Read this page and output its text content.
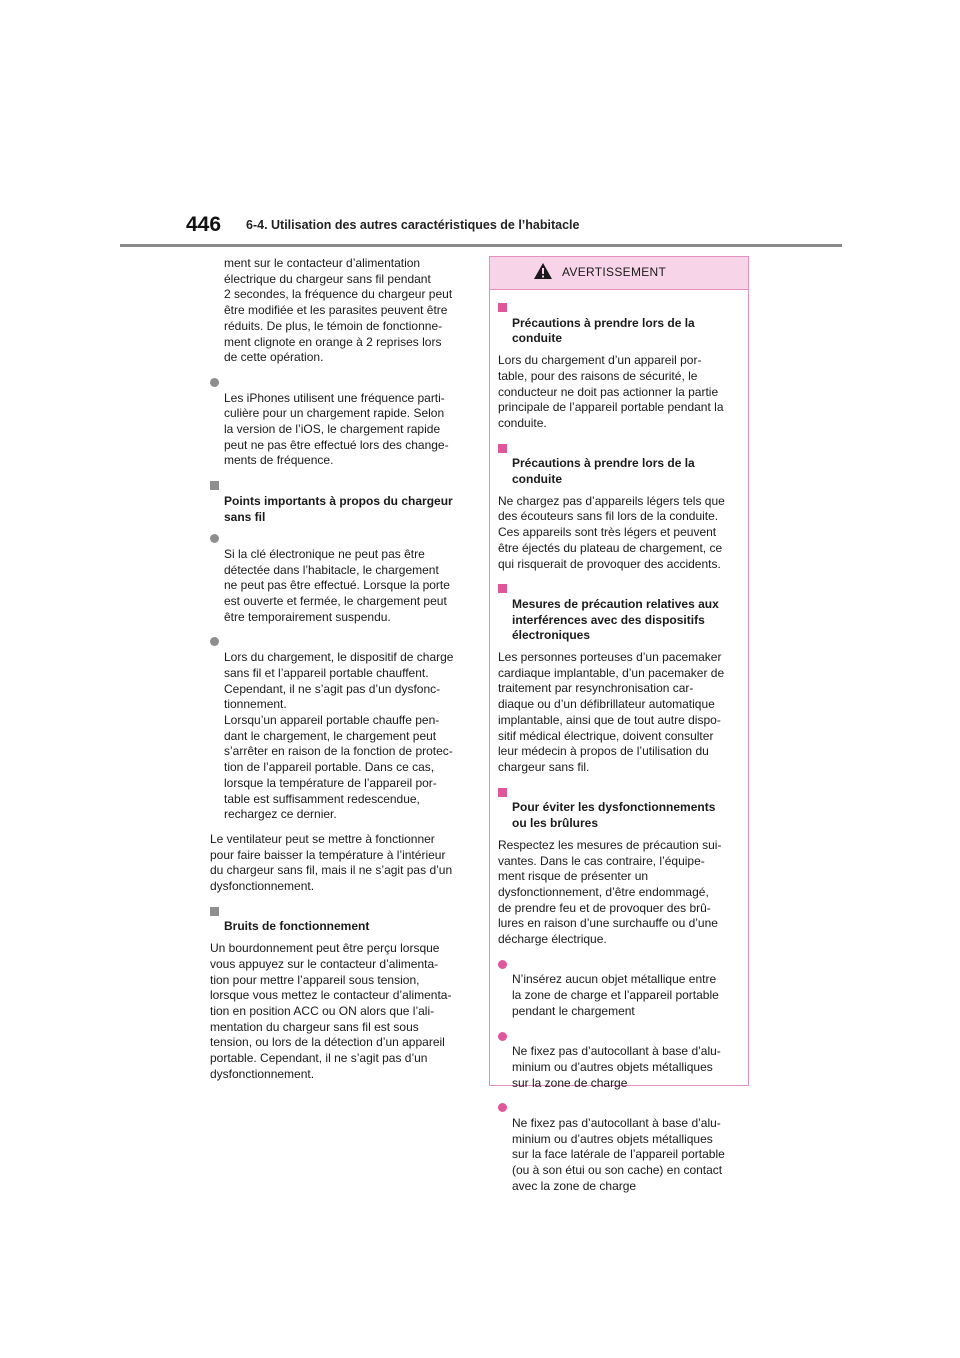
446 6-4. Utilisation des autres caractéristiques de l’habitacle

ment sur le contacteur d’alimentation
électrique du chargeur sans fil pendant
2 secondes, la fréquence du chargeur peut
être modifiée et les parasites peuvent être
réduits. De plus, le témoin de fonctionne-
ment clignote en orange à 2 reprises lors
de cette opération.

Les iPhones utilisent une fréquence parti-
culière pour un chargement rapide. Selon
la version de l’iOS, le chargement rapide
peut ne pas être effectué lors des change-
ments de fréquence.

Points importants à propos du chargeur
sans fil

Si la clé électronique ne peut pas être
détectée dans l’habitacle, le chargement
ne peut pas être effectué. Lorsque la porte
est ouverte et fermée, le chargement peut
être temporairement suspendu.

Lors du chargement, le dispositif de charge
sans fil et l’appareil portable chauffent.
Cependant, il ne s’agit pas d’un dysfonc-
tionnement.
Lorsqu’un appareil portable chauffe pen-
dant le chargement, le chargement peut
s’arrêter en raison de la fonction de protec-
tion de l’appareil portable. Dans ce cas,
lorsque la température de l’appareil por-
table est suffisamment redescendue,
rechargez ce dernier.

Le ventilateur peut se mettre à fonctionner
pour faire baisser la température à l’intérieur
du chargeur sans fil, mais il ne s’agit pas d’un
dysfonctionnement.

Bruits de fonctionnement

Un bourdonnement peut être perçu lorsque
vous appuyez sur le contacteur d’alimenta-
tion pour mettre l’appareil sous tension,
lorsque vous mettez le contacteur d’alimenta-
tion en position ACC ou ON alors que l’ali-
mentation du chargeur sans fil est sous
tension, ou lors de la détection d’un appareil
portable. Cependant, il ne s’agit pas d’un
dysfonctionnement.

AVERTISSEMENT

Précautions à prendre lors de la
conduite

Lors du chargement d’un appareil por-
table, pour des raisons de sécurité, le
conducteur ne doit pas actionner la partie
principale de l’appareil portable pendant la
conduite.

Précautions à prendre lors de la
conduite

Ne chargez pas d’appareils légers tels que
des écouteurs sans fil lors de la conduite.
Ces appareils sont très légers et peuvent
être éjectés du plateau de chargement, ce
qui risquerait de provoquer des accidents.

Mesures de précaution relatives aux
interférences avec des dispositifs
électroniques

Les personnes porteuses d’un pacemaker
cardiaque implantable, d’un pacemaker de
traitement par resynchronisation car-
diaque ou d’un défibrillateur automatique
implantable, ainsi que de tout autre dispo-
sitif médical électrique, doivent consulter
leur médecin à propos de l’utilisation du
chargeur sans fil.

Pour éviter les dysfonctionnements
ou les brûlures

Respectez les mesures de précaution sui-
vantes. Dans le cas contraire, l’équipe-
ment risque de présenter un
dysfonctionnement, d’être endommagé,
de prendre feu et de provoquer des brû-
lures en raison d’une surchauffe ou d’une
décharge électrique.

N’insérez aucun objet métallique entre
la zone de charge et l’appareil portable
pendant le chargement

Ne fixez pas d’autocollant à base d’alu-
minium ou d’autres objets métalliques
sur la zone de charge

Ne fixez pas d’autocollant à base d’alu-
minium ou d’autres objets métalliques
sur la face latérale de l’appareil portable
(ou à son étui ou son cache) en contact
avec la zone de charge
